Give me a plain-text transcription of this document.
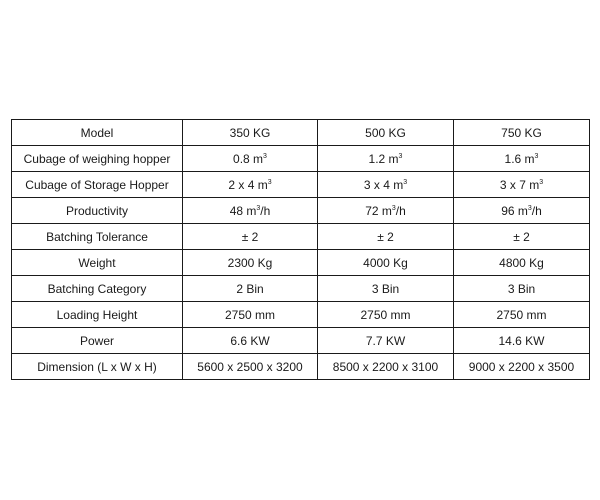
Model	350 KG	500 KG	750 KG
Cubage of weighing hopper	0.8 $m^3$	1.2 $m^3$	1.6 $m^3$
Cubage of Storage Hopper	2 x 4 $m^3$	3 x 4 $m^3$	3 x 7 $m^3$
Productivity	48 $m^3/h$	72 $m^3/h$	96 $m^3/h$
Batching Tolerance	± 2	± 2	± 2
Weight	2300 Kg	4000 Kg	4800 Kg
Batching Category	2 Bin	3 Bin	3 Bin
Loading Height	2750 mm	2750 mm	2750 mm
Power	6.6 KW	7.7 KW	14.6 KW
Dimension (L x W x H)	5600 x 2500 x 3200	8500 x 2200 x 3100	9000 x 2200 x 3500
